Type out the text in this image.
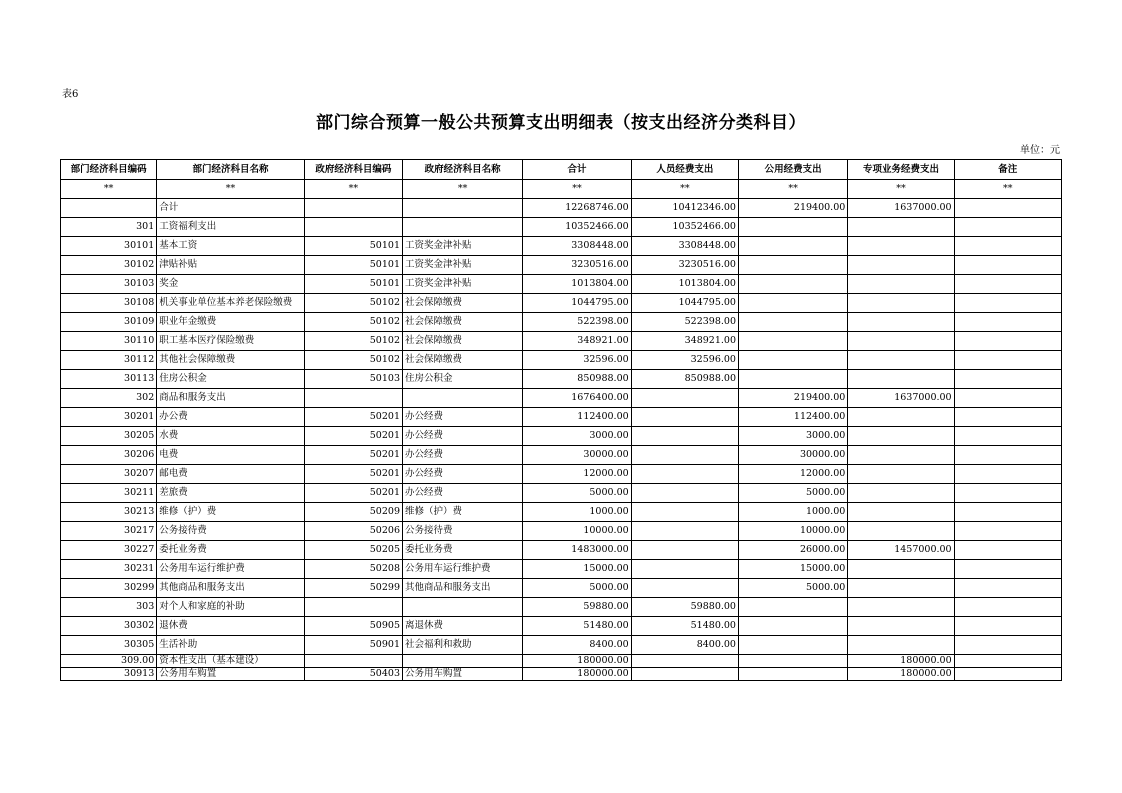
表6
部门综合预算一般公共预算支出明细表（按支出经济分类科目）
单位：元
部门经济科目编码	部门经济科目名称	政府经济科目编码	政府经济科目名称	合计	人员经费支出	公用经费支出	专项业务经费支出	备注
**	**	**	**	**	**	**	**	**
	合计			12268746.00	10412346.00	219400.00	1637000.00	
301	工资福利支出			10352466.00	10352466.00			
30101	基本工资	50101	工资奖金津补贴	3308448.00	3308448.00			
30102	津贴补贴	50101	工资奖金津补贴	3230516.00	3230516.00			
30103	奖金	50101	工资奖金津补贴	1013804.00	1013804.00			
30108	机关事业单位基本养老保险缴费	50102	社会保障缴费	1044795.00	1044795.00			
30109	职业年金缴费	50102	社会保障缴费	522398.00	522398.00			
30110	职工基本医疗保险缴费	50102	社会保障缴费	348921.00	348921.00			
30112	其他社会保障缴费	50102	社会保障缴费	32596.00	32596.00			
30113	住房公积金	50103	住房公积金	850988.00	850988.00			
302	商品和服务支出			1676400.00		219400.00	1637000.00	
30201	办公费	50201	办公经费	112400.00		112400.00		
30205	水费	50201	办公经费	3000.00		3000.00		
30206	电费	50201	办公经费	30000.00		30000.00		
30207	邮电费	50201	办公经费	12000.00		12000.00		
30211	差旅费	50201	办公经费	5000.00		5000.00		
30213	维修（护）费	50209	维修（护）费	1000.00		1000.00		
30217	公务接待费	50206	公务接待费	10000.00		10000.00		
30227	委托业务费	50205	委托业务费	1483000.00		26000.00	1457000.00	
30231	公务用车运行维护费	50208	公务用车运行维护费	15000.00		15000.00		
30299	其他商品和服务支出	50299	其他商品和服务支出	5000.00		5000.00		
303	对个人和家庭的补助			59880.00	59880.00			
30302	退休费	50905	离退休费	51480.00	51480.00			
30305	生活补助	50901	社会福利和救助	8400.00	8400.00			
309.00	资本性支出（基本建设）			180000.00			180000.00	
30913	公务用车购置	50403	公务用车购置	180000.00			180000.00	
